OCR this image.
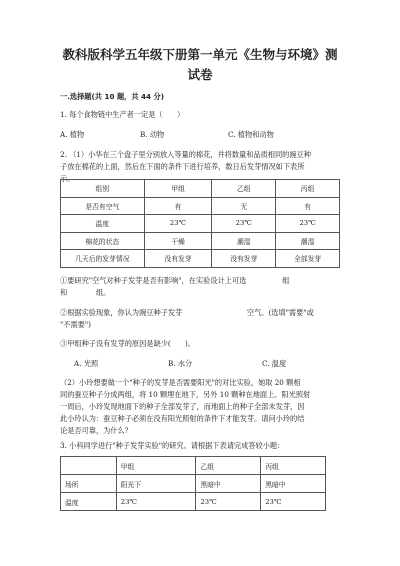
教科版科学五年级下册第一单元《生物与环境》测
试卷
一.选择题(共 10 题，共 44 分)
1. 每个食物链中生产者一定是（　　）
A. 植物	B. 动物	C. 植物和动物
2. （1）小华在三个盘子里分别放入等量的棉花，并将数量和品质相同的豌豆种
子放在棉花的上面，然后在下面的条件下进行培养，数日后发芽情况如下表所
示。
组别	甲组	乙组	丙组
是否有空气	有	无	有
温度	23℃	23℃	23℃
棉花的状态	干燥	潮湿	潮湿
几天后的发芽情况	没有发芽	没有发芽	全部发芽
①要研究"空气对种子发芽是否有影响"，在实验设计上可选　　　　　组
和　　　　组。
②根据实验现象，你认为豌豆种子发芽　　　　　　　　　空气。(选填"需要"或
"不需要")
③甲组种子没有发芽的原因是缺少(　　)。
A. 光照	B. 水分	C. 温度
（2）小玲想要做一个"种子的发芽是否需要阳光"的对比实验，她取 20 颗相
同的蚕豆种子分成两组，将 10 颗埋在地下，另外 10 颗种在地面上。阳光照射
一周后，小玲发现地面下的种子全部发芽了，而地面上的种子全部未发芽，因
此小玲认为：蚕豆种子必须在没有阳光照射的条件下才能发芽。请问小玲的结
论是否可靠，为什么？
3. 小科同学进行"种子发芽实验"的研究。请根据下表请完成答较小题：
	甲组	乙组	丙组
场所	阳光下	黑暗中	黑暗中
温度	23℃	23℃	23℃
